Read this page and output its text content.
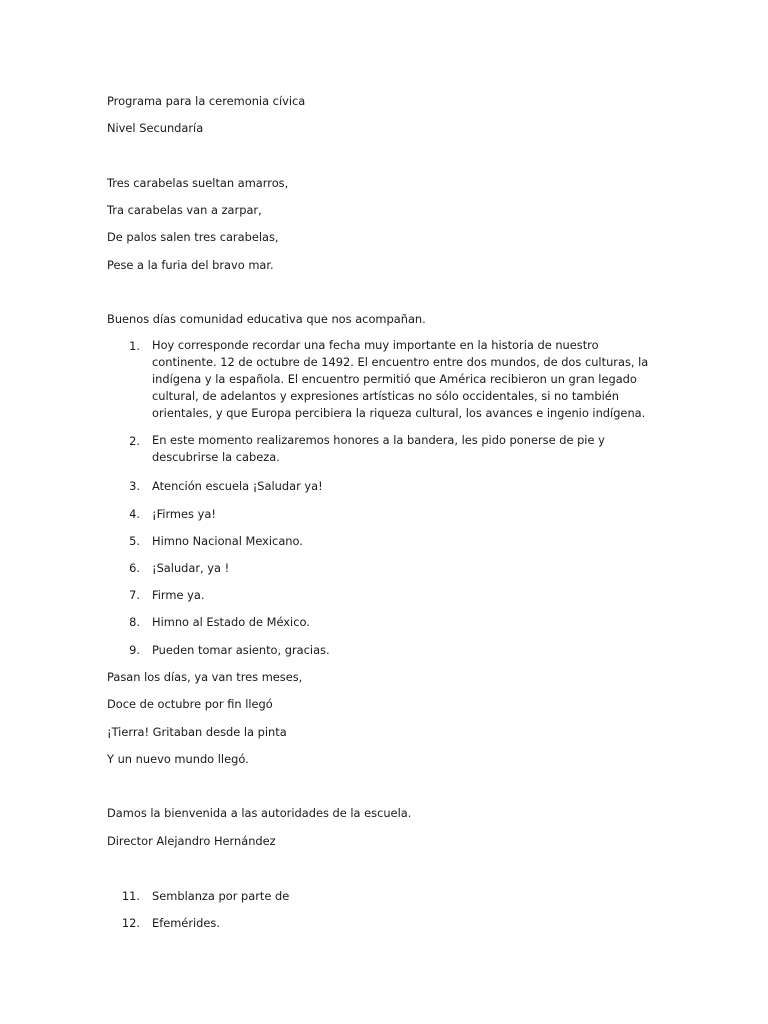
Programa para la ceremonia cívica
Nivel Secundaría
Tres carabelas sueltan amarros,
Tra carabelas van a zarpar,
De palos salen tres carabelas,
Pese a la furia del bravo mar.
Buenos días comunidad educativa que nos acompañan.
1. Hoy corresponde recordar una fecha muy importante en la historia de nuestro continente. 12 de octubre de 1492. El encuentro entre dos mundos, de dos culturas, la indígena y la española. El encuentro permitió que América recibieron un gran legado cultural, de adelantos y expresiones artísticas no sólo occidentales, si no también orientales, y que Europa percibiera la riqueza cultural, los avances e ingenio indígena.
2. En este momento realizaremos honores a la bandera, les pido ponerse de pie y descubrirse la cabeza.
3. Atención escuela ¡Saludar ya!
4. ¡Firmes ya!
5. Himno Nacional Mexicano.
6. ¡Saludar, ya !
7. Firme ya.
8. Himno al Estado de México.
9. Pueden tomar asiento, gracias.
Pasan los días, ya van tres meses,
Doce de octubre por fin llegó
¡Tierra! Gritaban desde la pinta
Y un nuevo mundo llegó.
Damos la bienvenida a las autoridades de la escuela.
Director Alejandro Hernández
11. Semblanza por parte de
12. Efemérides.
